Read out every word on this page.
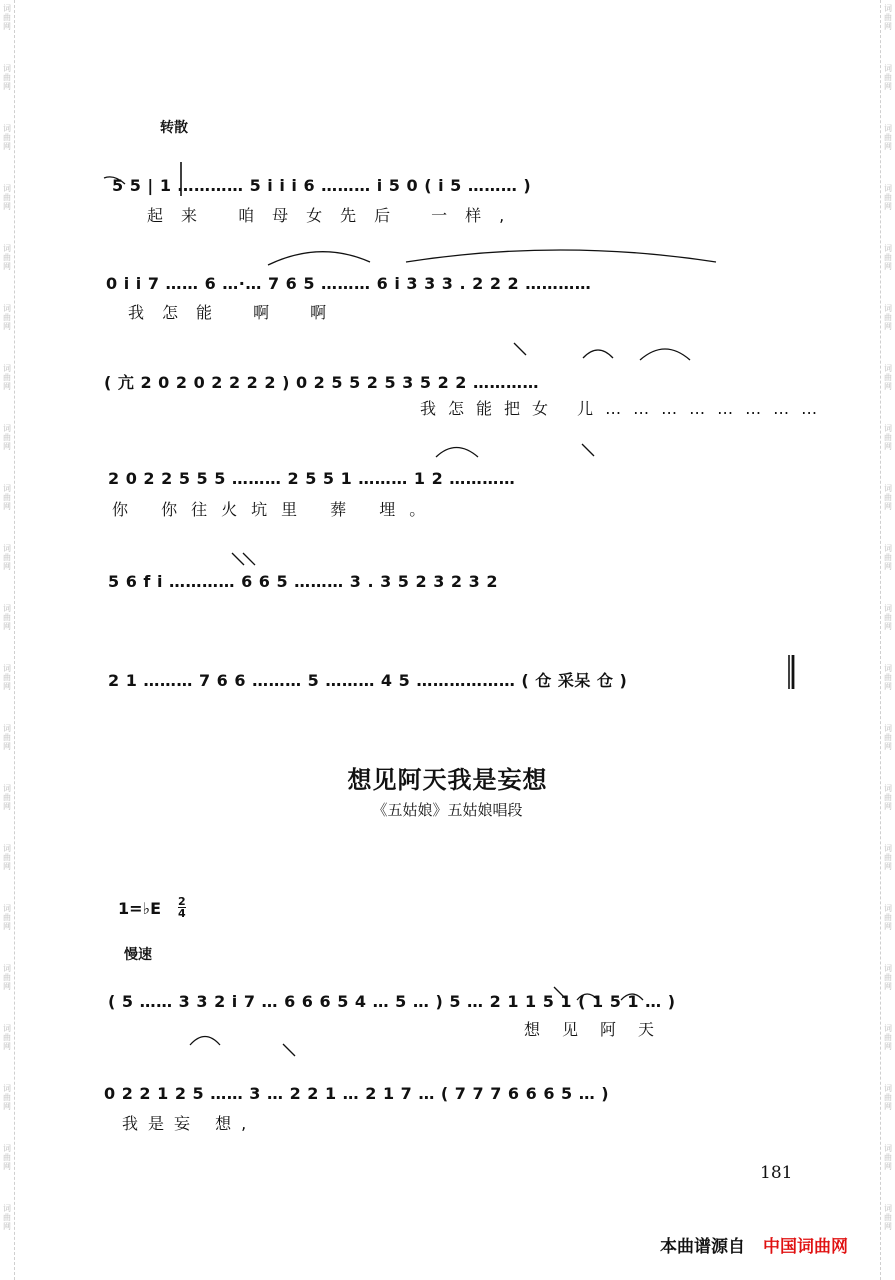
词曲网
词曲网
词曲网
词曲网
词曲网
词曲网
词曲网
词曲网
词曲网
词曲网
词曲网
词曲网
词曲网
词曲网
词曲网
词曲网
词曲网
词曲网
词曲网
词曲网
词曲网
词曲网
词曲网
词曲网
词曲网
词曲网
词曲网
词曲网
词曲网
词曲网
词曲网
词曲网
词曲网
词曲网
词曲网
词曲网
词曲网
词曲网
词曲网
词曲网
词曲网
词曲网
转散
5 5 | 1 ………… 5 i i i 6 ……… i 5 0 ( i 5 ……… )
起来 咱母女先后 一样,
0 i i 7 …… 6 …·… 7 6 5 ……… 6 i 3 3 3 . 2 2 2 …………
我怎能 啊 啊
( 亢 2 0 2 0 2 2 2 2 ) 0 2 5 5 2 5 3 5 2 2 …………
我怎能把女 儿……………………
2 0 2 2 5 5 5 ……… 2 5 5 1 ……… 1 2 …………
你 你往火坑里 葬 埋。
5 6 f i ………… 6 6 5 ……… 3 . 3 5 2 3 2 3 2
2 1 ……… 7 6 6 ……… 5 ……… 4 5 ……………… ( 仓 采呆 仓 )
想见阿天我是妄想
《五姑娘》五姑娘唱段
1=♭E 2
4
慢速
( 5 …… 3 3 2 i 7 … 6 6 6 5 4 … 5 … ) 5 … 2 1 1 5 1 ( 1 5 1 … )
想见阿天
0 2 2 1 2 5 …… 3 … 2 2 1 … 2 1 7 … ( 7 7 7 6 6 6 5 … )
我是妄 想,
181
本曲谱源自 中国词曲网
